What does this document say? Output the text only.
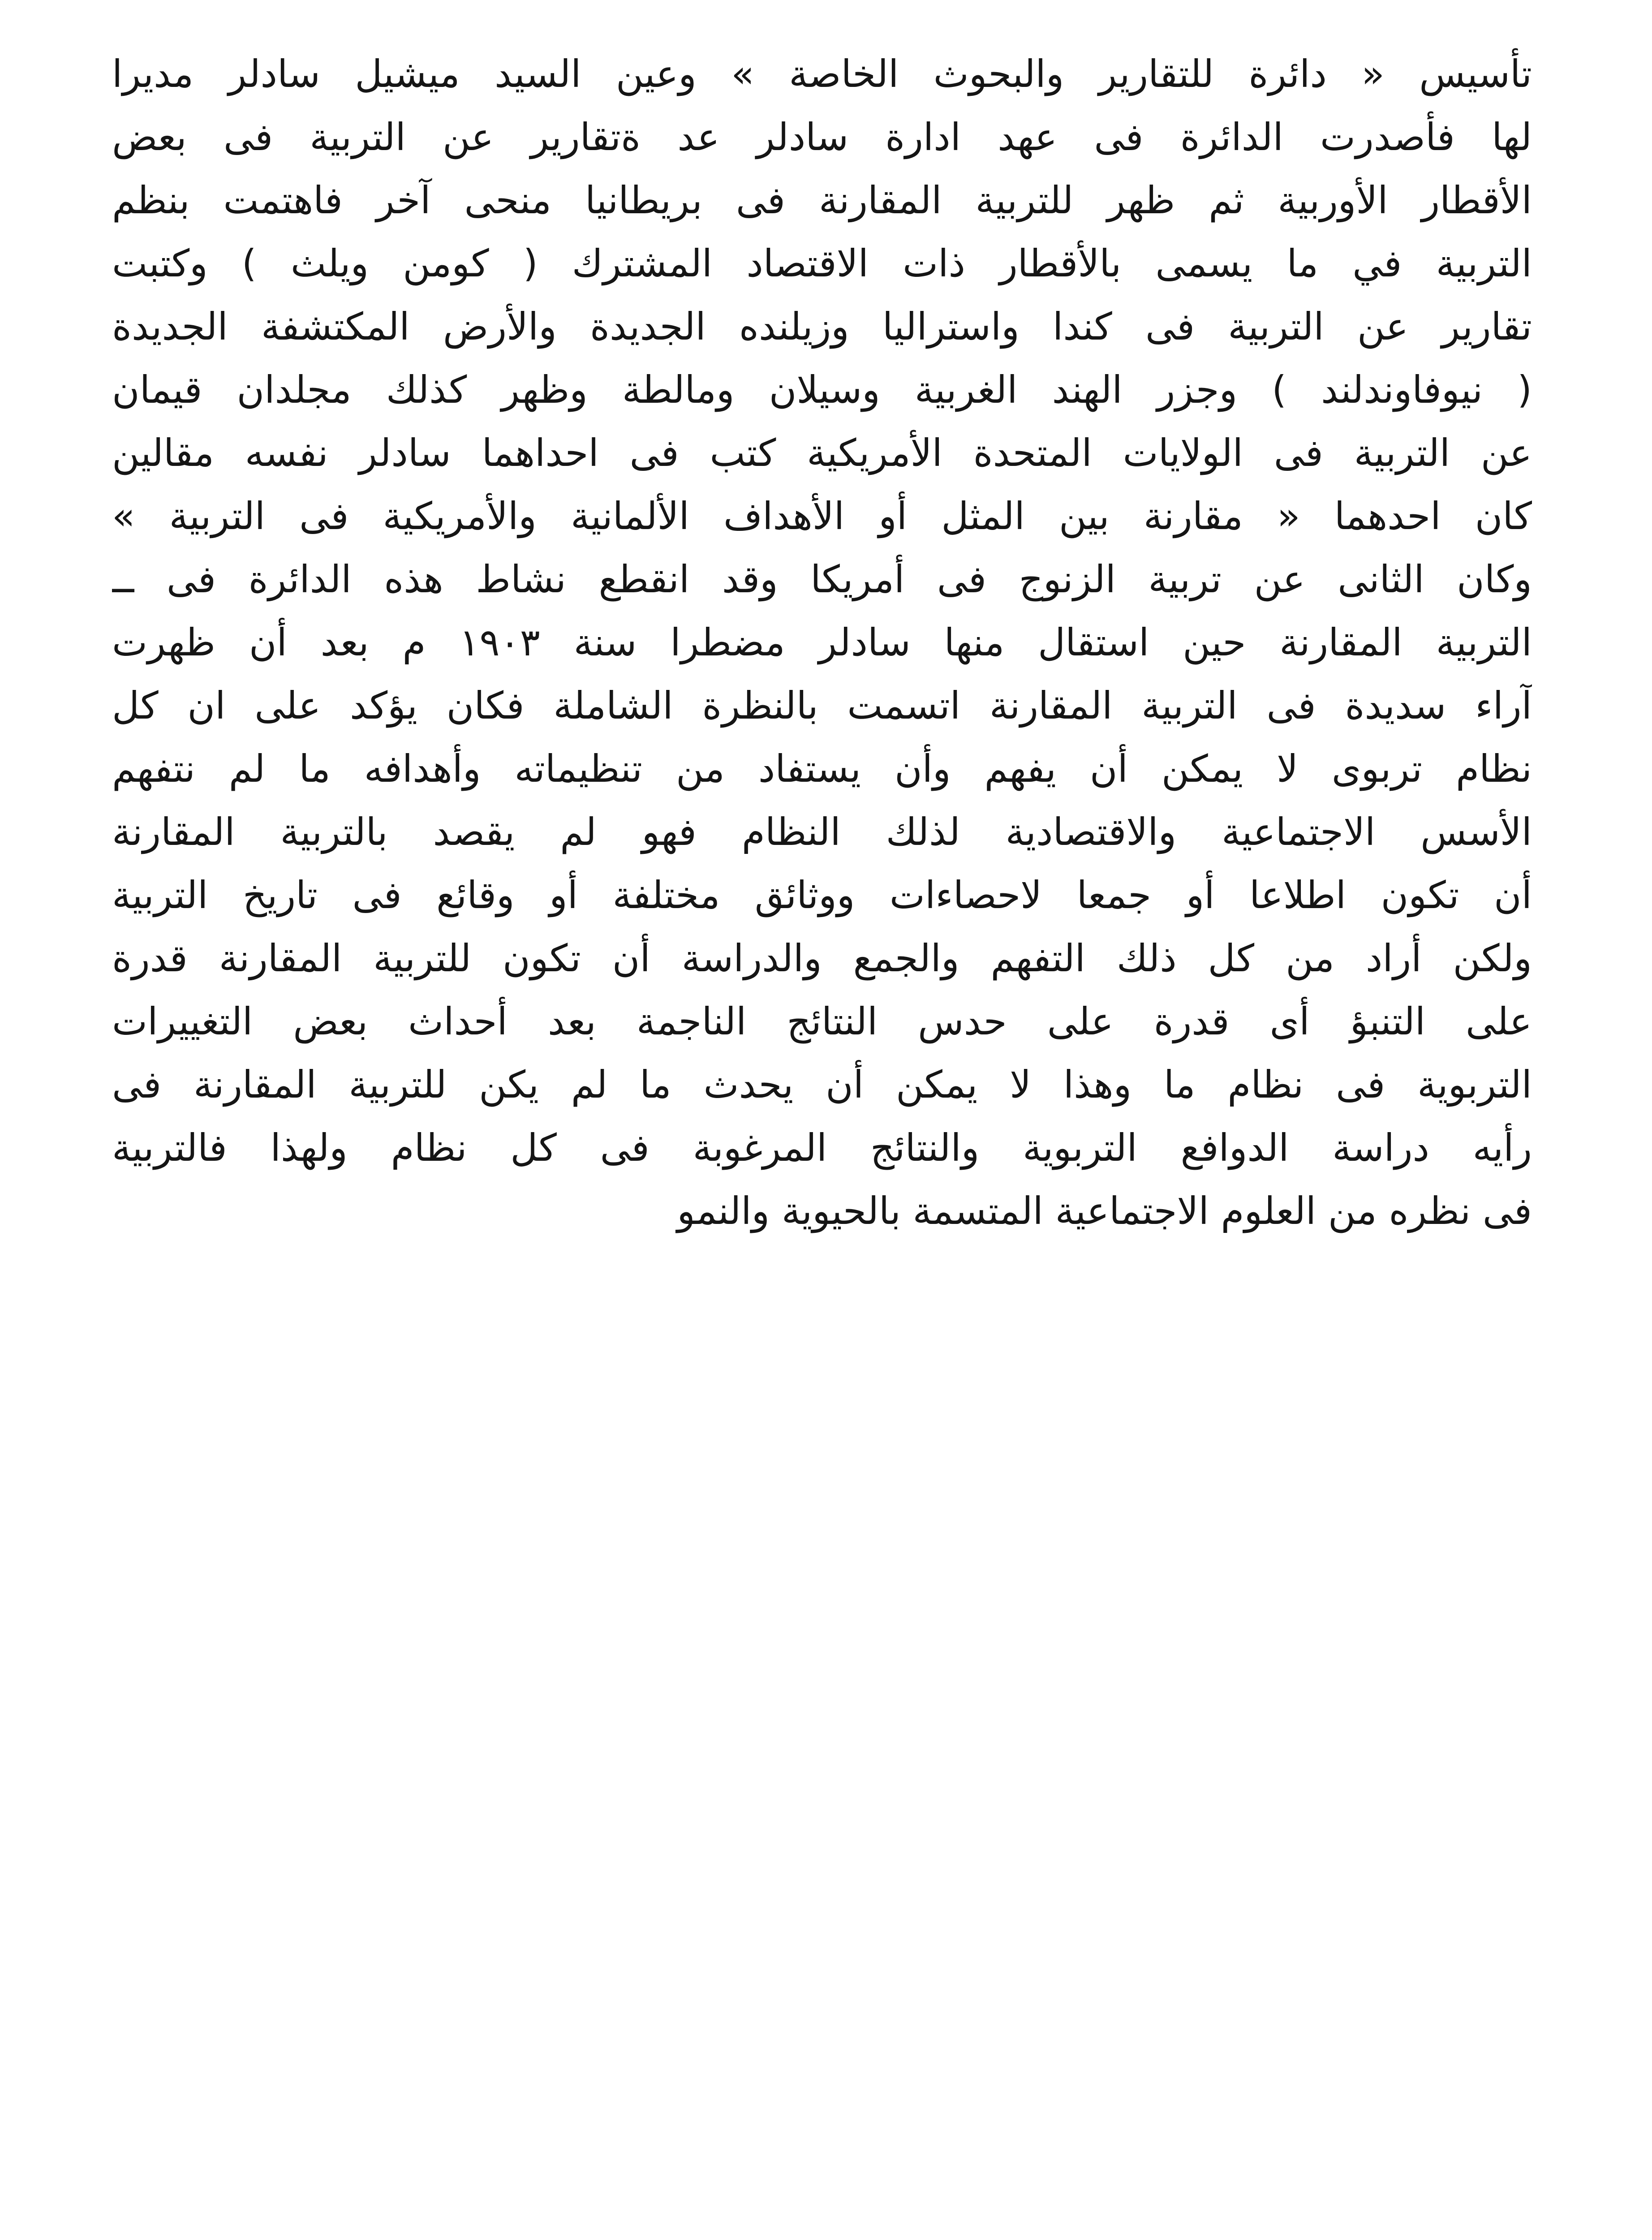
تأسيس « دائرة للتقارير والبحوث الخاصة » وعين السيد ميشيل سادلر مديرا
لها فأصدرت الدائرة فى عهد ادارة سادلر عد ةتقارير عن التربية فى بعض
الأقطار الأوربية ثم ظهر للتربية المقارنة فى بريطانيا منحى آخر فاهتمت بنظم
التربية في ما يسمى بالأقطار ذات الاقتصاد المشترك ( كومن ويلث ) وكتبت
تقارير عن التربية فى كندا واستراليا وزيلنده الجديدة والأرض المكتشفة الجديدة
( نيوفاوندلند ) وجزر الهند الغربية وسيلان ومالطة وظهر كذلك مجلدان قيمان
عن التربية فى الولايات المتحدة الأمريكية كتب فى احداهما سادلر نفسه مقالين
كان احدهما « مقارنة بين المثل أو الأهداف الألمانية والأمريكية فى التربية »
وكان الثانى عن تربية الزنوج فى أمريكا وقد انقطع نشاط هذه الدائرة فى ــ
التربية المقارنة حين استقال منها سادلر مضطرا سنة ١٩٠٣ م بعد أن ظهرت
آراء سديدة فى التربية المقارنة اتسمت بالنظرة الشاملة فكان يؤكد على ان كل
نظام تربوى لا يمكن أن يفهم وأن يستفاد من تنظيماته وأهدافه ما لم نتفهم
الأسس الاجتماعية والاقتصادية لذلك النظام فهو لم يقصد بالتربية المقارنة
أن تكون اطلاعا أو جمعا لاحصاءات ووثائق مختلفة أو وقائع فى تاريخ التربية
ولكن أراد من كل ذلك التفهم والجمع والدراسة أن تكون للتربية المقارنة قدرة
على التنبؤ أى قدرة على حدس النتائج الناجمة بعد أحداث بعض التغييرات
التربوية فى نظام ما وهذا لا يمكن أن يحدث ما لم يكن للتربية المقارنة فى
رأيه دراسة الدوافع التربوية والنتائج المرغوبة فى كل نظام ولهذا فالتربية
فى نظره من العلوم الاجتماعية المتسمة بالحيوية والنمو
